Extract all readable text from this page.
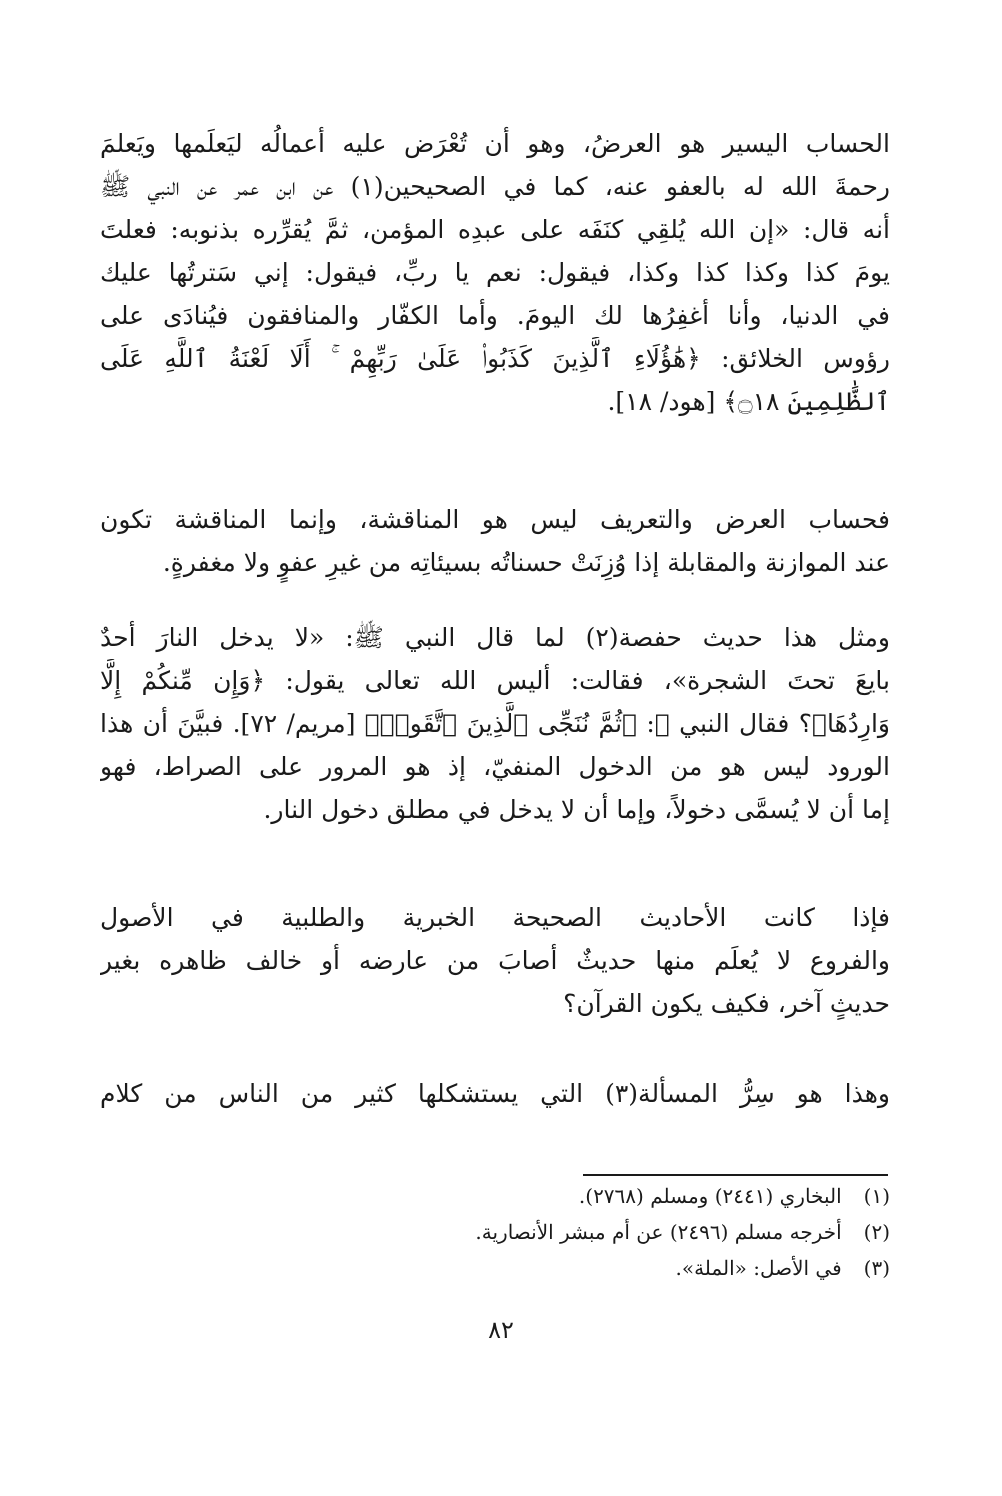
الحساب اليسير هو العرضُ، وهو أن تُعْرَض عليه أعمالُه ليَعلَمها ويَعلمَ
رحمةَ الله له بالعفو عنه، كما في الصحيحين(١) عن ابن عمر عن النبي ﷺ
أنه قال: «إن الله يُلقِي كنَفَه على عبدِه المؤمن، ثمَّ يُقرِّره بذنوبه: فعلتَ
يومَ كذا وكذا كذا وكذا، فيقول: نعم يا ربِّ، فيقول: إني سَترتُها عليك
في الدنيا، وأنا أغفِرُها لك اليومَ. وأما الكفّار والمنافقون فيُنادَى على
رؤوس الخلائق: ﴿هَٰؤُلَاءِ ٱلَّذِينَ كَذَبُوا۟ عَلَىٰ رَبِّهِمْ ۚ أَلَا لَعْنَةُ ٱللَّهِ عَلَى
ٱلظَّٰلِمِينَ ۝١٨﴾ [هود/ ١٨].
فحساب العرض والتعريف ليس هو المناقشة، وإنما المناقشة تكون
عند الموازنة والمقابلة إذا وُزِنَتْ حسناتُه بسيئاتِه من غيرِ عفوٍ ولا مغفرةٍ.
ومثل هذا حديث حفصة(٢) لما قال النبي ﷺ: «لا يدخل النارَ أحدٌ
بايعَ تحتَ الشجرة»، فقالت: أليس الله تعالى يقول: ﴿وَإِن مِّنكُمْ إِلَّا
وَارِدُهَا﴾؟ فقال النبي ﷺ: ﴿ثُمَّ نُنَجِّى ٱلَّذِينَ ٱتَّقَوا۟﴾ [مريم/ ٧٢]. فبيَّنَ أن هذا
الورود ليس هو من الدخول المنفيّ، إذ هو المرور على الصراط، فهو
إما أن لا يُسمَّى دخولاً، وإما أن لا يدخل في مطلق دخول النار.
فإذا كانت الأحاديث الصحيحة الخبرية والطلبية في الأصول
والفروع لا يُعلَم منها حديثٌ أصابَ من عارضه أو خالف ظاهره بغير
حديثٍ آخر، فكيف يكون القرآن؟
وهذا هو سِرُّ المسألة(٣) التي يستشكلها كثير من الناس من كلام
(١) البخاري (٢٤٤١) ومسلم (٢٧٦٨).
(٢) أخرجه مسلم (٢٤٩٦) عن أم مبشر الأنصارية.
(٣) في الأصل: «الملة».
٨٢
